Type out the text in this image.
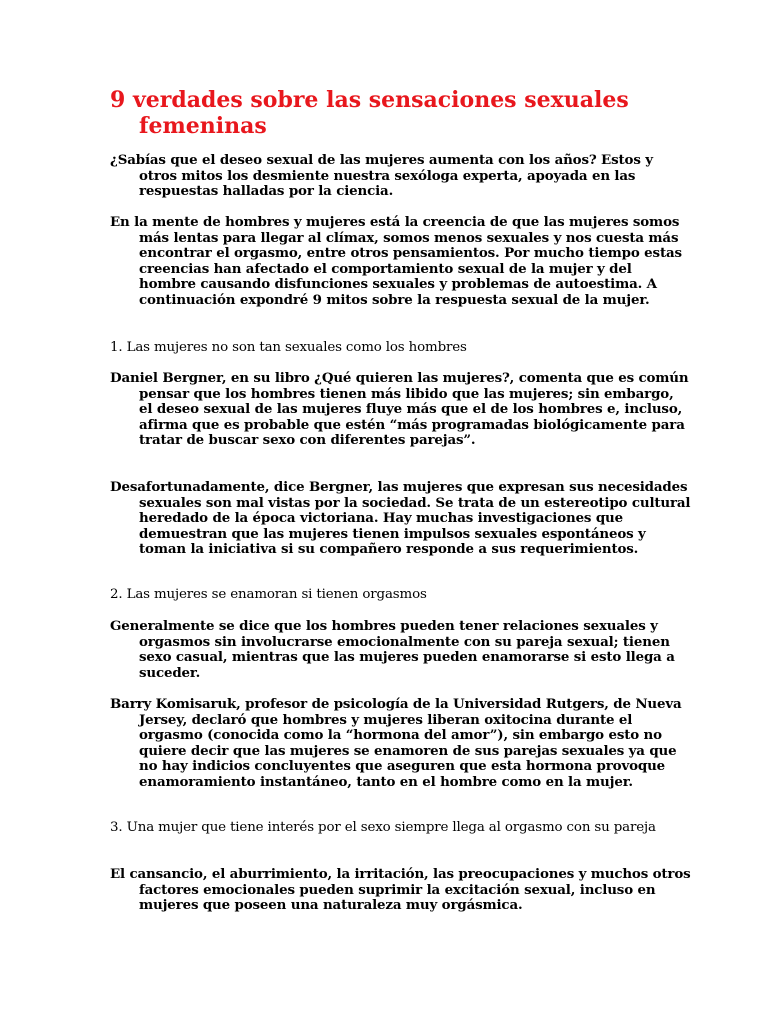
9 verdades sobre las sensaciones sexuales femeninas

¿Sabías que el deseo sexual de las mujeres aumenta con los años? Estos y otros mitos los desmiente nuestra sexóloga experta, apoyada en las respuestas halladas por la ciencia.

En la mente de hombres y mujeres está la creencia de que las mujeres somos más lentas para llegar al clímax, somos menos sexuales y nos cuesta más encontrar el orgasmo, entre otros pensamientos. Por mucho tiempo estas creencias han afectado el comportamiento sexual de la mujer y del hombre causando disfunciones sexuales y problemas de autoestima. A continuación expondré 9 mitos sobre la respuesta sexual de la mujer.

1. Las mujeres no son tan sexuales como los hombres

Daniel Bergner, en su libro ¿Qué quieren las mujeres?, comenta que es común pensar que los hombres tienen más libido que las mujeres; sin embargo, el deseo sexual de las mujeres fluye más que el de los hombres e, incluso, afirma que es probable que estén “más programadas biológicamente para tratar de buscar sexo con diferentes parejas”.

Desafortunadamente, dice Bergner, las mujeres que expresan sus necesidades sexuales son mal vistas por la sociedad. Se trata de un estereotipo cultural heredado de la época victoriana. Hay muchas investigaciones que demuestran que las mujeres tienen impulsos sexuales espontáneos y toman la iniciativa si su compañero responde a sus requerimientos.

2. Las mujeres se enamoran si tienen orgasmos

Generalmente se dice que los hombres pueden tener relaciones sexuales y orgasmos sin involucrarse emocionalmente con su pareja sexual; tienen sexo casual, mientras que las mujeres pueden enamorarse si esto llega a suceder.

Barry Komisaruk, profesor de psicología de la Universidad Rutgers, de Nueva Jersey, declaró que hombres y mujeres liberan oxitocina durante el orgasmo (conocida como la “hormona del amor”), sin embargo esto no quiere decir que las mujeres se enamoren de sus parejas sexuales ya que no hay indicios concluyentes que aseguren que esta hormona provoque enamoramiento instantáneo, tanto en el hombre como en la mujer.

3. Una mujer que tiene interés por el sexo siempre llega al orgasmo con su pareja

El cansancio, el aburrimiento, la irritación, las preocupaciones y muchos otros factores emocionales pueden suprimir la excitación sexual, incluso en mujeres que poseen una naturaleza muy orgásmica.
